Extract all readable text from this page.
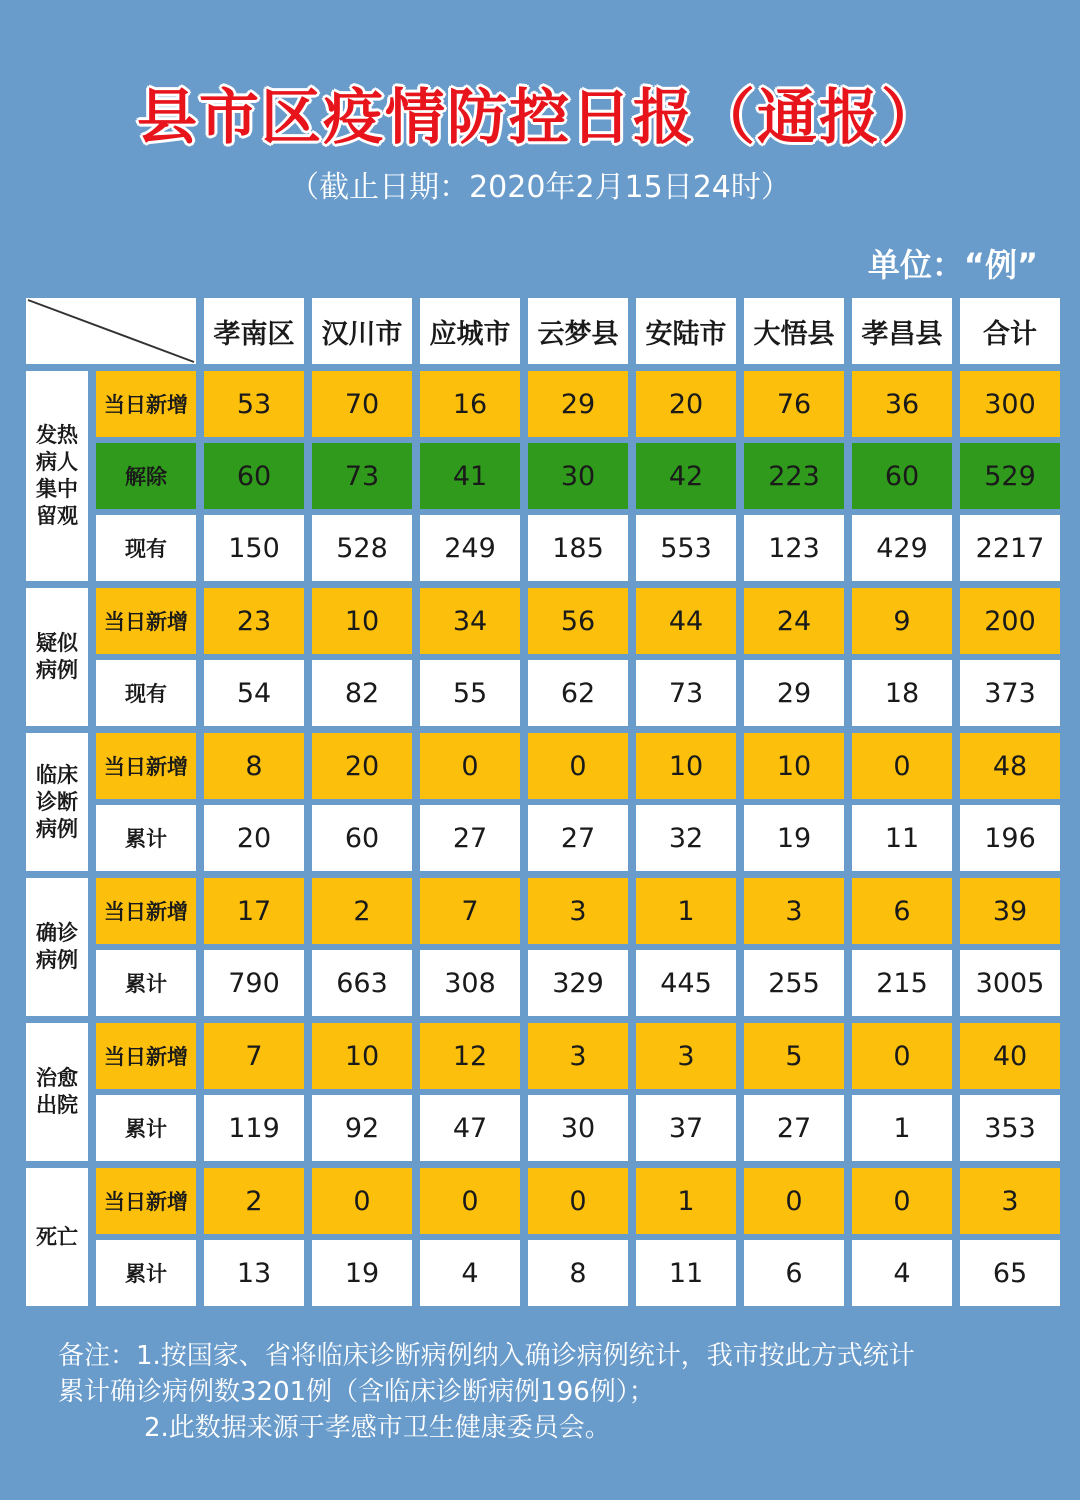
县市区疫情防控日报（通报）
（截止日期：2020年2月15日24时）
单位：“例”
孝南区	汉川市	应城市	云梦县	安陆市	大悟县	孝昌县	合计
发热病人集中留观
当日新增	53	70	16	29	20	76	36	300
解除	60	73	41	30	42	223	60	529
现有	150	528	249	185	553	123	429	2217
疑似病例
当日新增	23	10	34	56	44	24	9	200
现有	54	82	55	62	73	29	18	373
临床诊断病例
当日新增	8	20	0	0	10	10	0	48
累计	20	60	27	27	32	19	11	196
确诊病例
当日新增	17	2	7	3	1	3	6	39
累计	790	663	308	329	445	255	215	3005
治愈出院
当日新增	7	10	12	3	3	5	0	40
累计	119	92	47	30	37	27	1	353
死亡
当日新增	2	0	0	0	1	0	0	3
累计	13	19	4	8	11	6	4	65
备注：1.按国家、省将临床诊断病例纳入确诊病例统计，我市按此方式统计
累计确诊病例数3201例（含临床诊断病例196例）；
2.此数据来源于孝感市卫生健康委员会。
